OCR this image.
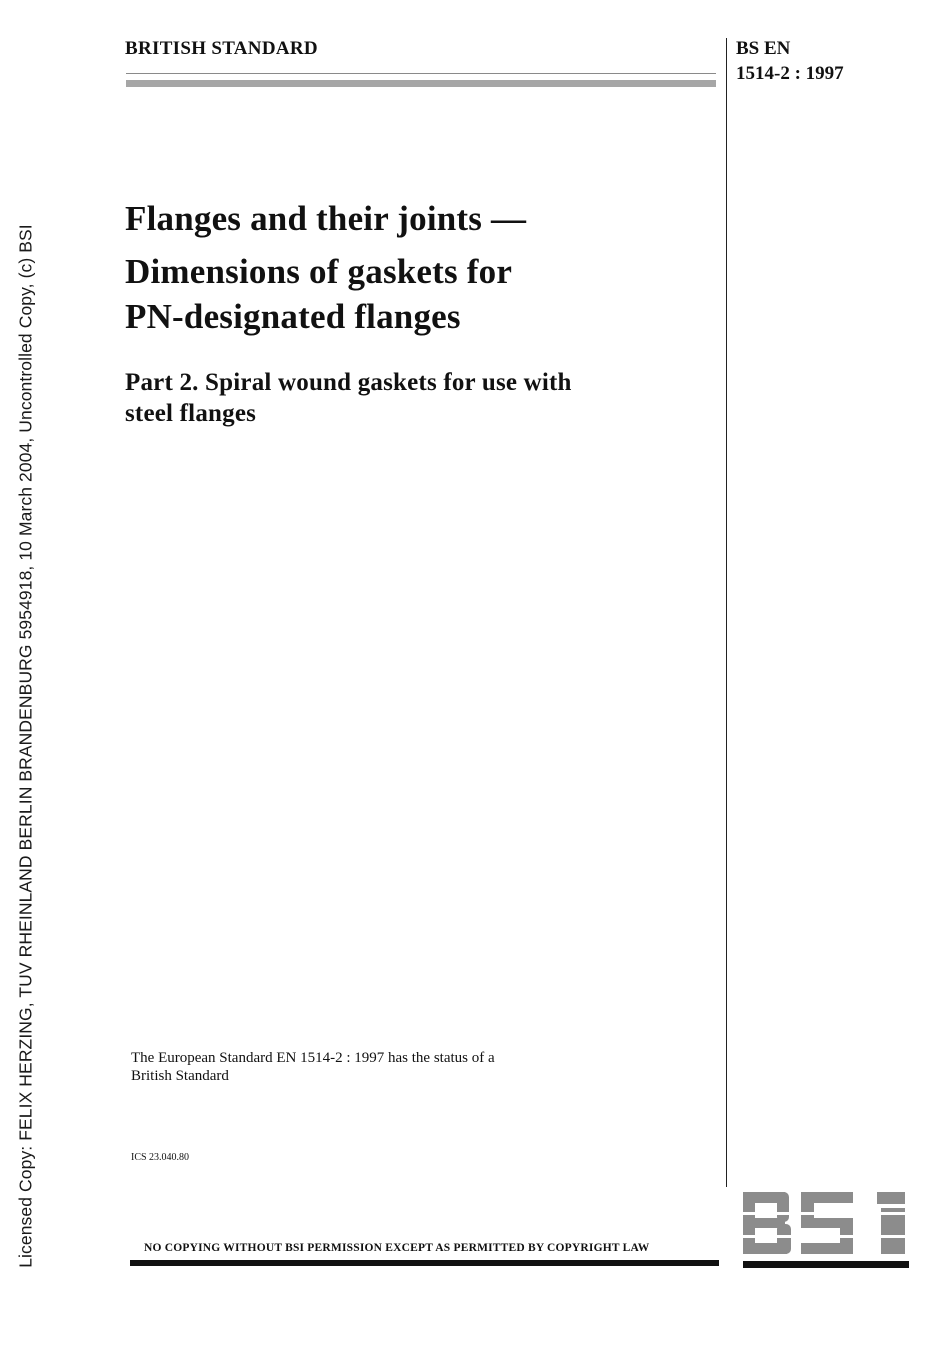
Licensed Copy: FELIX HERZING, TUV RHEINLAND BERLIN BRANDENBURG 5954918, 10 March 2004, Uncontrolled Copy, (c) BSI
BRITISH STANDARD	BS EN
1514-2 : 1997
Flanges and their joints —
Dimensions of gaskets for
PN-designated flanges
Part 2. Spiral wound gaskets for use with
steel flanges
The European Standard EN 1514-2 : 1997 has the status of a
British Standard
ICS 23.040.80
NO COPYING WITHOUT BSI PERMISSION EXCEPT AS PERMITTED BY COPYRIGHT LAW
